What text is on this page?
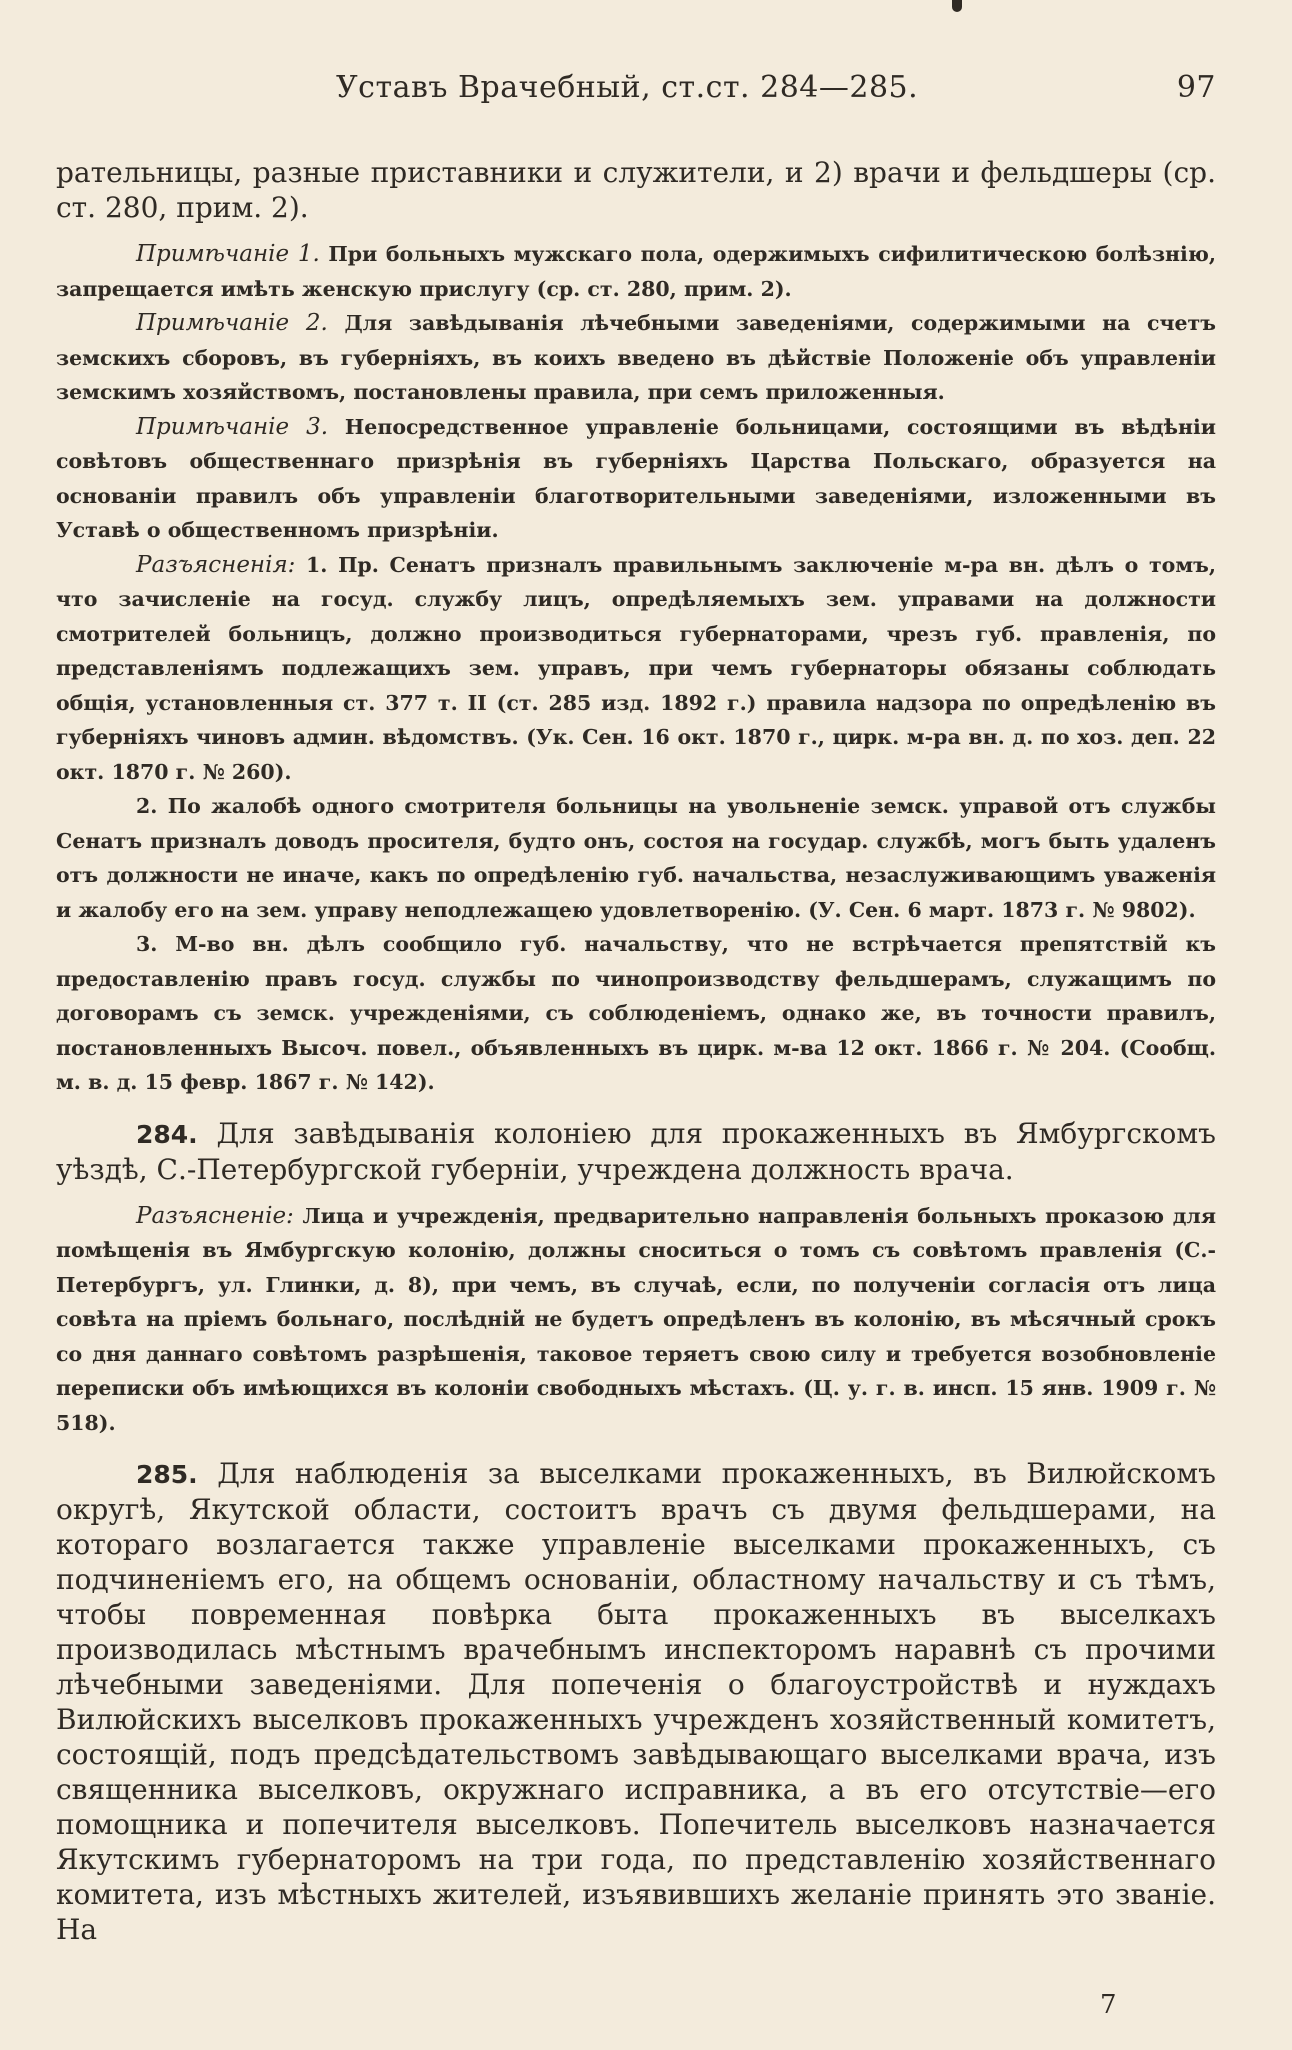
Уставъ Врачебный, ст.ст. 284—285.	97

рательницы, разные приставники и служители, и 2) врачи и фельдшеры (ср. ст. 280, прим. 2).

Примѣчаніе 1. При больныхъ мужскаго пола, одержимыхъ сифилитическою болѣзнію, запрещается имѣть женскую прислугу (ср. ст. 280, прим. 2).

Примѣчаніе 2. Для завѣдыванія лѣчебными заведеніями, содержимыми на счетъ земскихъ сборовъ, въ губерніяхъ, въ коихъ введено въ дѣйствіе Положеніе объ управленіи земскимъ хозяйствомъ, постановлены правила, при семъ приложенныя.

Примѣчаніе 3. Непосредственное управленіе больницами, состоящими въ вѣдѣніи совѣтовъ общественнаго призрѣнія въ губерніяхъ Царства Польскаго, образуется на основаніи правилъ объ управленіи благотворительными заведеніями, изложенными въ Уставѣ о общественномъ призрѣніи.

Разъясненія: 1. Пр. Сенатъ призналъ правильнымъ заключеніе м-ра вн. дѣлъ о томъ, что зачисленіе на госуд. службу лицъ, опредѣляемыхъ зем. управами на должности смотрителей больницъ, должно производиться губернаторами, чрезъ губ. правленія, по представленіямъ подлежащихъ зем. управъ, при чемъ губернаторы обязаны соблюдать общія, установленныя ст. 377 т. II (ст. 285 изд. 1892 г.) правила надзора по опредѣленію въ губерніяхъ чиновъ админ. вѣдомствъ. (Ук. Сен. 16 окт. 1870 г., цирк. м-ра вн. д. по хоз. деп. 22 окт. 1870 г. № 260).

2. По жалобѣ одного смотрителя больницы на увольненіе земск. управой отъ службы Сенатъ призналъ доводъ просителя, будто онъ, состоя на государ. службѣ, могъ быть удаленъ отъ должности не иначе, какъ по опредѣленію губ. начальства, незаслуживающимъ уваженія и жалобу его на зем. управу неподлежащею удовлетворенію. (У. Сен. 6 март. 1873 г. № 9802).

3. М-во вн. дѣлъ сообщило губ. начальству, что не встрѣчается препятствій къ предоставленію правъ госуд. службы по чинопроизводству фельдшерамъ, служащимъ по договорамъ съ земск. учрежденіями, съ соблюденіемъ, однако же, въ точности правилъ, постановленныхъ Высоч. повел., объявленныхъ въ цирк. м-ва 12 окт. 1866 г. № 204. (Сообщ. м. в. д. 15 февр. 1867 г. № 142).

284. Для завѣдыванія колоніею для прокаженныхъ въ Ямбургскомъ уѣздѣ, С.-Петербургской губерніи, учреждена должность врача.

Разъясненіе: Лица и учрежденія, предварительно направленія больныхъ проказою для помѣщенія въ Ямбургскую колонію, должны сноситься о томъ съ совѣтомъ правленія (С.-Петербургъ, ул. Глинки, д. 8), при чемъ, въ случаѣ, если, по полученіи согласія отъ лица совѣта на пріемъ больнаго, послѣдній не будетъ опредѣленъ въ колонію, въ мѣсячный срокъ со дня даннаго совѣтомъ разрѣшенія, таковое теряетъ свою силу и требуется возобновленіе переписки объ имѣющихся въ колоніи свободныхъ мѣстахъ. (Ц. у. г. в. инсп. 15 янв. 1909 г. № 518).

285. Для наблюденія за выселками прокаженныхъ, въ Вилюйскомъ округѣ, Якутской области, состоитъ врачъ съ двумя фельдшерами, на котораго возлагается также управленіе выселками прокаженныхъ, съ подчиненіемъ его, на общемъ основаніи, областному начальству и съ тѣмъ, чтобы повременная повѣрка быта прокаженныхъ въ выселкахъ производилась мѣстнымъ врачебнымъ инспекторомъ наравнѣ съ прочими лѣчебными заведеніями. Для попеченія о благоустройствѣ и нуждахъ Вилюйскихъ выселковъ прокаженныхъ учрежденъ хозяйственный комитетъ, состоящій, подъ предсѣдательствомъ завѣдывающаго выселками врача, изъ священника выселковъ, окружнаго исправника, а въ его отсутствіе—его помощника и попечителя выселковъ. Попечитель выселковъ назначается Якутскимъ губернаторомъ на три года, по представленію хозяйственнаго комитета, изъ мѣстныхъ жителей, изъявившихъ желаніе принять это званіе. На

7
